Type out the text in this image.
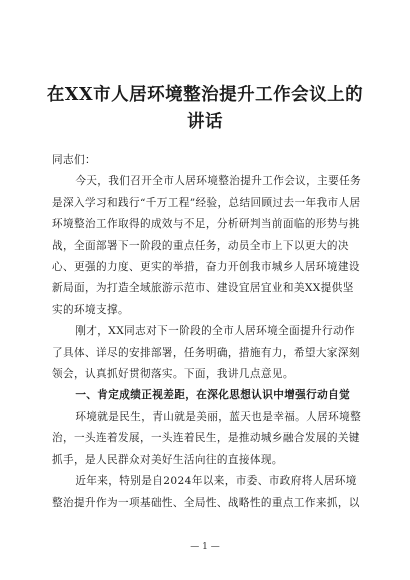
在XX市人居环境整治提升工作会议上的讲话

同志们：

今天，我们召开全市人居环境整治提升工作会议，主要任务是深入学习和践行“千万工程”经验，总结回顾过去一年我市人居环境整治工作取得的成效与不足，分析研判当前面临的形势与挑战，全面部署下一阶段的重点任务，动员全市上下以更大的决心、更强的力度、更实的举措，奋力开创我市城乡人居环境建设新局面，为打造全域旅游示范市、建设宜居宜业和美XX提供坚实的环境支撑。

刚才，XX同志对下一阶段的全市人居环境全面提升行动作了具体、详尽的安排部署，任务明确，措施有力，希望大家深刻领会，认真抓好贯彻落实。下面，我讲几点意见。

一、肯定成绩正视差距，在深化思想认识中增强行动自觉

环境就是民生，青山就是美丽，蓝天也是幸福。人居环境整治，一头连着发展，一头连着民生，是推动城乡融合发展的关键抓手，是人民群众对美好生活向往的直接体现。

近年来，特别是自2024年以来，市委、市政府将人居环境整治提升作为一项基础性、全局性、战略性的重点工作来抓，以

— 1 —
